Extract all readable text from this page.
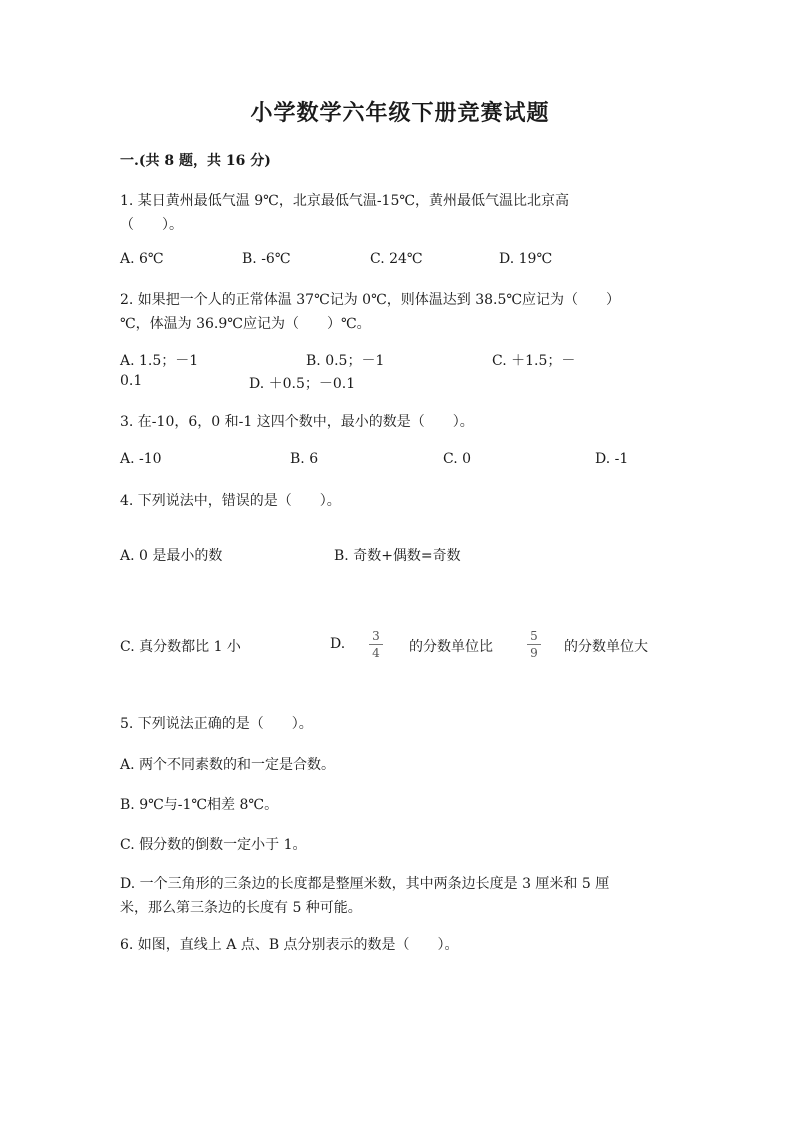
小学数学六年级下册竞赛试题
一.(共 8 题，共 16 分)
1. 某日黄州最低气温 9℃，北京最低气温-15℃，黄州最低气温比北京高
（　　）。
A. 6℃	B. -6℃	C. 24℃	D. 19℃
2. 如果把一个人的正常体温 37℃记为 0℃，则体温达到 38.5℃应记为（　　）
℃，体温为 36.9℃应记为（　　）℃。
A. 1.5；－1	B. 0.5；－1	C. ＋1.5；－
0.1	D. ＋0.5；－0.1
3. 在-10，6，0 和-1 这四个数中，最小的数是（　　）。
A. -10	B. 6	C. 0	D. -1
4. 下列说法中，错误的是（　　）。
A. 0 是最小的数	B. 奇数+偶数=奇数
C. 真分数都比 1 小	D.	3
4	的分数单位比
5
9	的分数单位大
5. 下列说法正确的是（　　）。
A. 两个不同素数的和一定是合数。
B. 9℃与-1℃相差 8℃。
C. 假分数的倒数一定小于 1。
D. 一个三角形的三条边的长度都是整厘米数，其中两条边长度是 3 厘米和 5 厘
米，那么第三条边的长度有 5 种可能。
6. 如图，直线上 A 点、B 点分别表示的数是（　　）。
